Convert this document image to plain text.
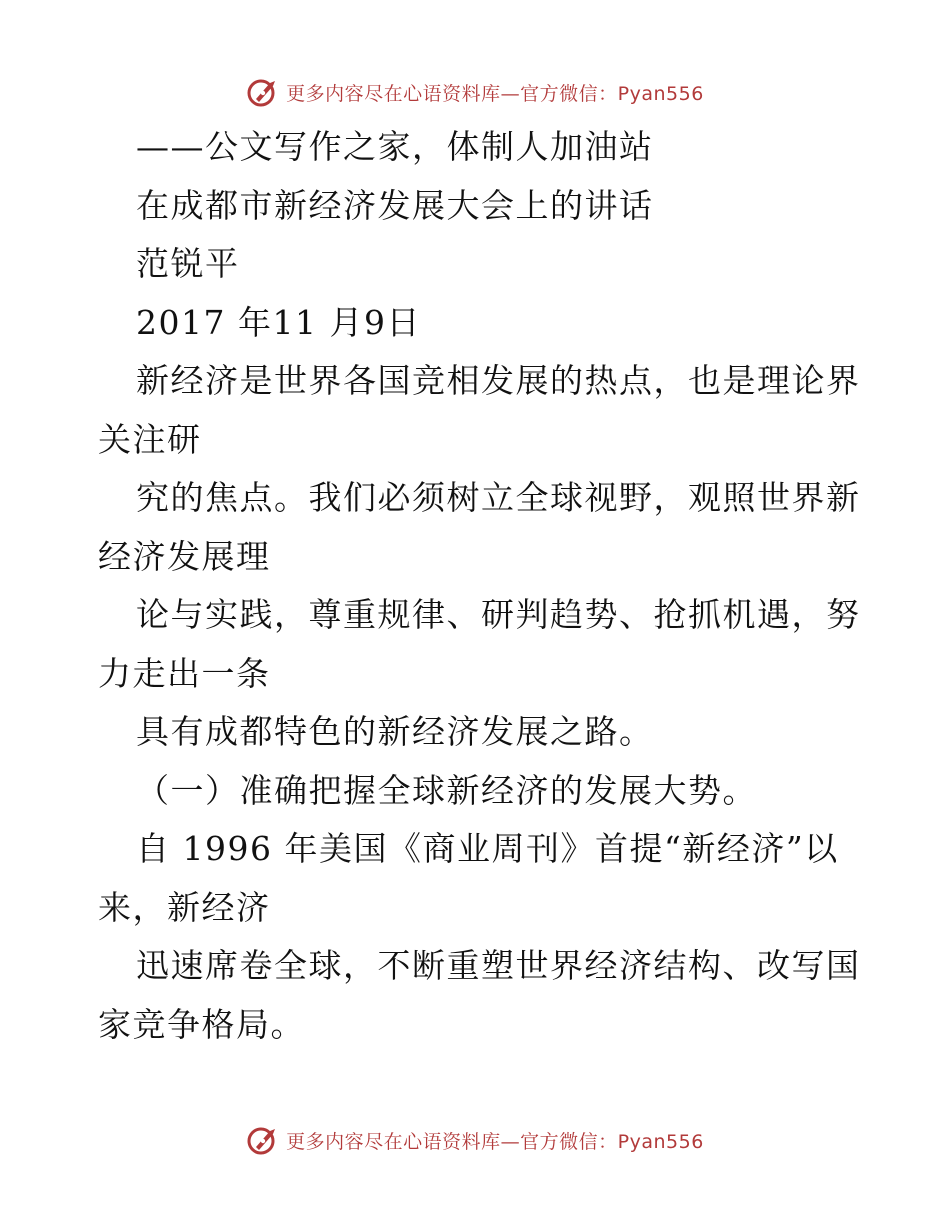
更多内容尽在心语资料库—官方微信：Pyan556
——公文写作之家，体制人加油站
在成都市新经济发展大会上的讲话
范锐平
2017 年11 月9日
新经济是世界各国竞相发展的热点，也是理论界
关注研
究的焦点。我们必须树立全球视野，观照世界新
经济发展理
论与实践，尊重规律、研判趋势、抢抓机遇，努
力走出一条
具有成都特色的新经济发展之路。
（一）准确把握全球新经济的发展大势。
自 1996 年美国《商业周刊》首提“新经济”以
来，新经济
迅速席卷全球，不断重塑世界经济结构、改写国
家竞争格局。
更多内容尽在心语资料库—官方微信：Pyan556
